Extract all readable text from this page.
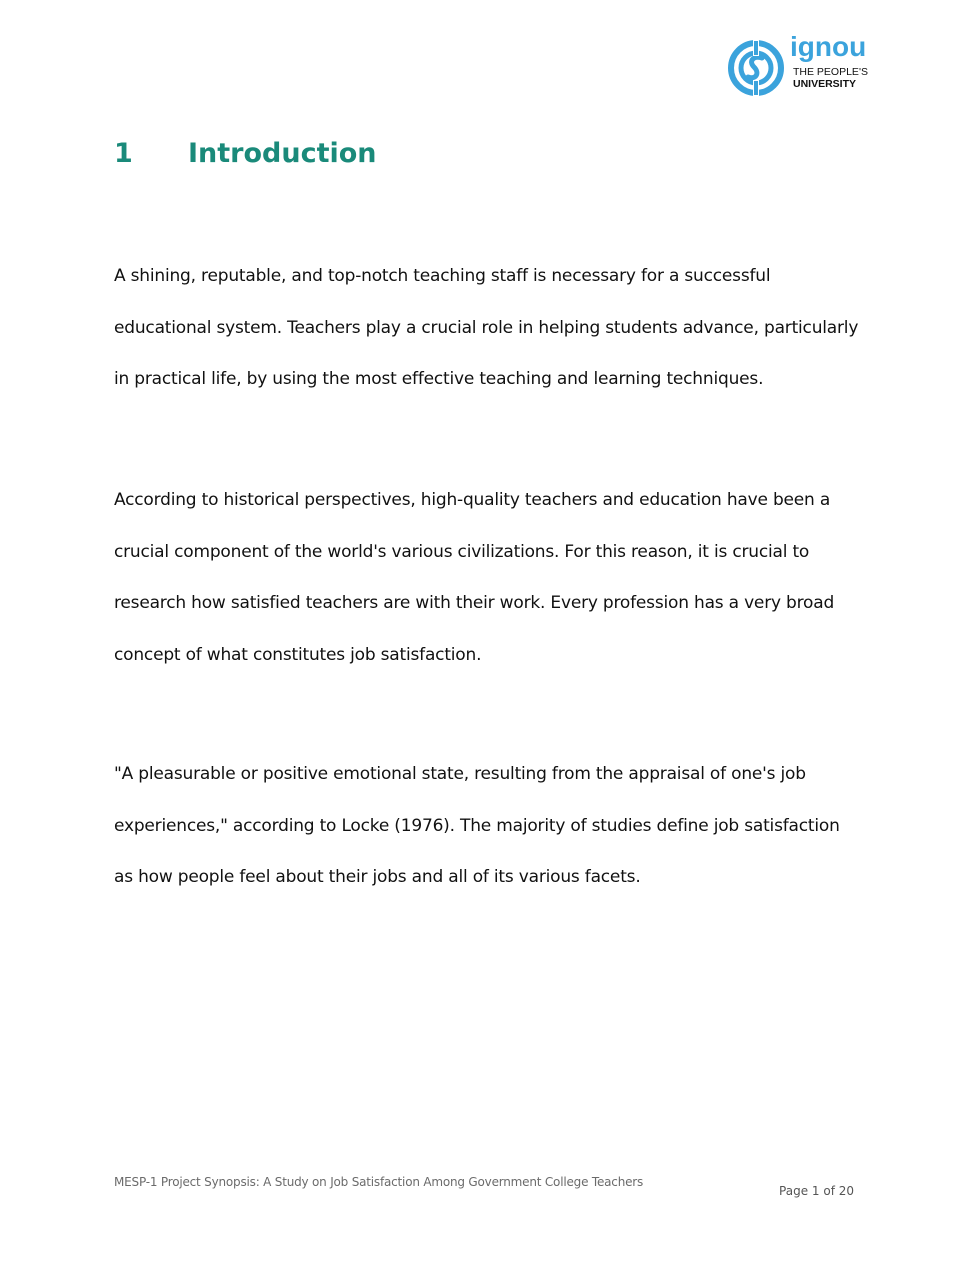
ignou
THE PEOPLE'S
UNIVERSITY
1 Introduction

A shining, reputable, and top-notch teaching staff is necessary for a successful
educational system. Teachers play a crucial role in helping students advance, particularly
in practical life, by using the most effective teaching and learning techniques.

According to historical perspectives, high-quality teachers and education have been a
crucial component of the world's various civilizations. For this reason, it is crucial to
research how satisfied teachers are with their work. Every profession has a very broad
concept of what constitutes job satisfaction.

"A pleasurable or positive emotional state, resulting from the appraisal of one's job
experiences," according to Locke (1976). The majority of studies define job satisfaction
as how people feel about their jobs and all of its various facets.

MESP-1 Project Synopsis: A Study on Job Satisfaction Among Government College Teachers
Page 1 of 20
